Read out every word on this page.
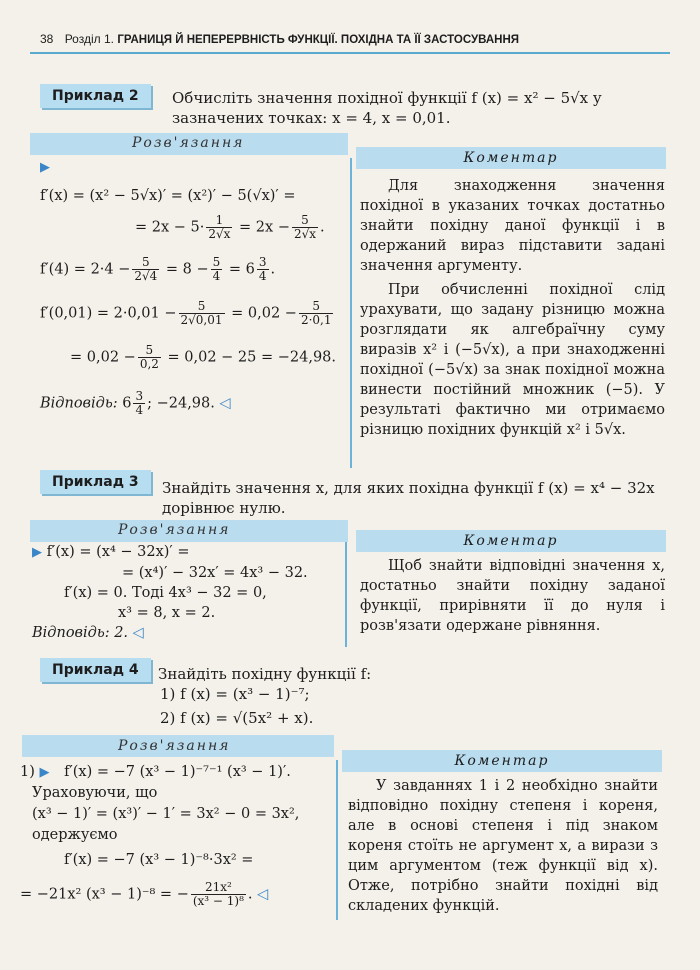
38 Розділ 1. ГРАНИЦЯ Й НЕПЕРЕРВНІСТЬ ФУНКЦІЇ. ПОХІДНА ТА ЇЇ ЗАСТОСУВАННЯ
Приклад 2	Обчисліть значення похідної функції f (x) = x² − 5√x у зазначених точках: x = 4, x = 0,01.
Розв'язання
Коментар
▶
f′(x) = (x² − 5√x)′ = (x²)′ − 5(√x)′ =
= $2x - 5\cdot \frac{1}{2√x} = 2x - \frac{5}{2√x}$ .
$f'(4) = 2\cdot 4 - \frac{5}{2√4} = 8 - \frac{5}{4} = 6 \frac{3}{4}$ .
$f'(0,01) = 2\cdot 0,01 - \frac{5}{2√0,01} = 0,02 - \frac{5}{2\cdot 0,1}$
= $0,02 - \frac{5}{0,2} = 0,02 - 25 = -24,98$.
Відповідь: $6 \frac{3}{4}$ ; −24,98. ◁
Для знаходження значення похідної в указаних точках достатньо знайти похідну даної функції і в одержаний вираз підставити задані значення аргументу.
При обчисленні похідної слід урахувати, що задану різницю можна розглядати як алгебраїчну суму виразів x² і (−5√x), а при знаходженні похідної (−5√x) за знак похідної можна винести постійний множник (−5). У результаті фактично ми отримаємо різницю похідних функцій x² і 5√x.
Приклад 3	Знайдіть значення x, для яких похідна функції f (x) = x⁴ − 32x дорівнює нулю.
Розв'язання
Коментар
▶ f′(x) = (x⁴ − 32x)′ =
= (x⁴)′ − 32x′ = 4x³ − 32.
f′(x) = 0. Тоді 4x³ − 32 = 0,
x³ = 8, x = 2.
Відповідь: 2. ◁
Щоб знайти відповідні значення x, достатньо знайти похідну заданої функції, прирівняти її до нуля і розв'язати одержане рівняння.
Приклад 4	Знайдіть похідну функції f:
1) f (x) = (x³ − 1)⁻⁷;
2) f (x) = √(5x² + x).
Розв'язання
Коментар
1) ▶ f′(x) = −7 (x³ − 1)⁻⁷⁻¹ (x³ − 1)′.
Ураховуючи, що
(x³ − 1)′ = (x³)′ − 1′ = 3x² − 0 = 3x²,
одержуємо
f′(x) = −7 (x³ − 1)⁻⁸·3x² =
= −21x² (x³ − 1)⁻⁸ = − $\frac{\text{21x²}}{\text{(x³ − 1)⁸}}$ . ◁
У завданнях 1 і 2 необхідно знайти відповідно похідну степеня і кореня, але в основі степеня і під знаком кореня стоїть не аргумент x, а вирази з цим аргументом (теж функції від x). Отже, потрібно знайти похідні від складених функцій.
